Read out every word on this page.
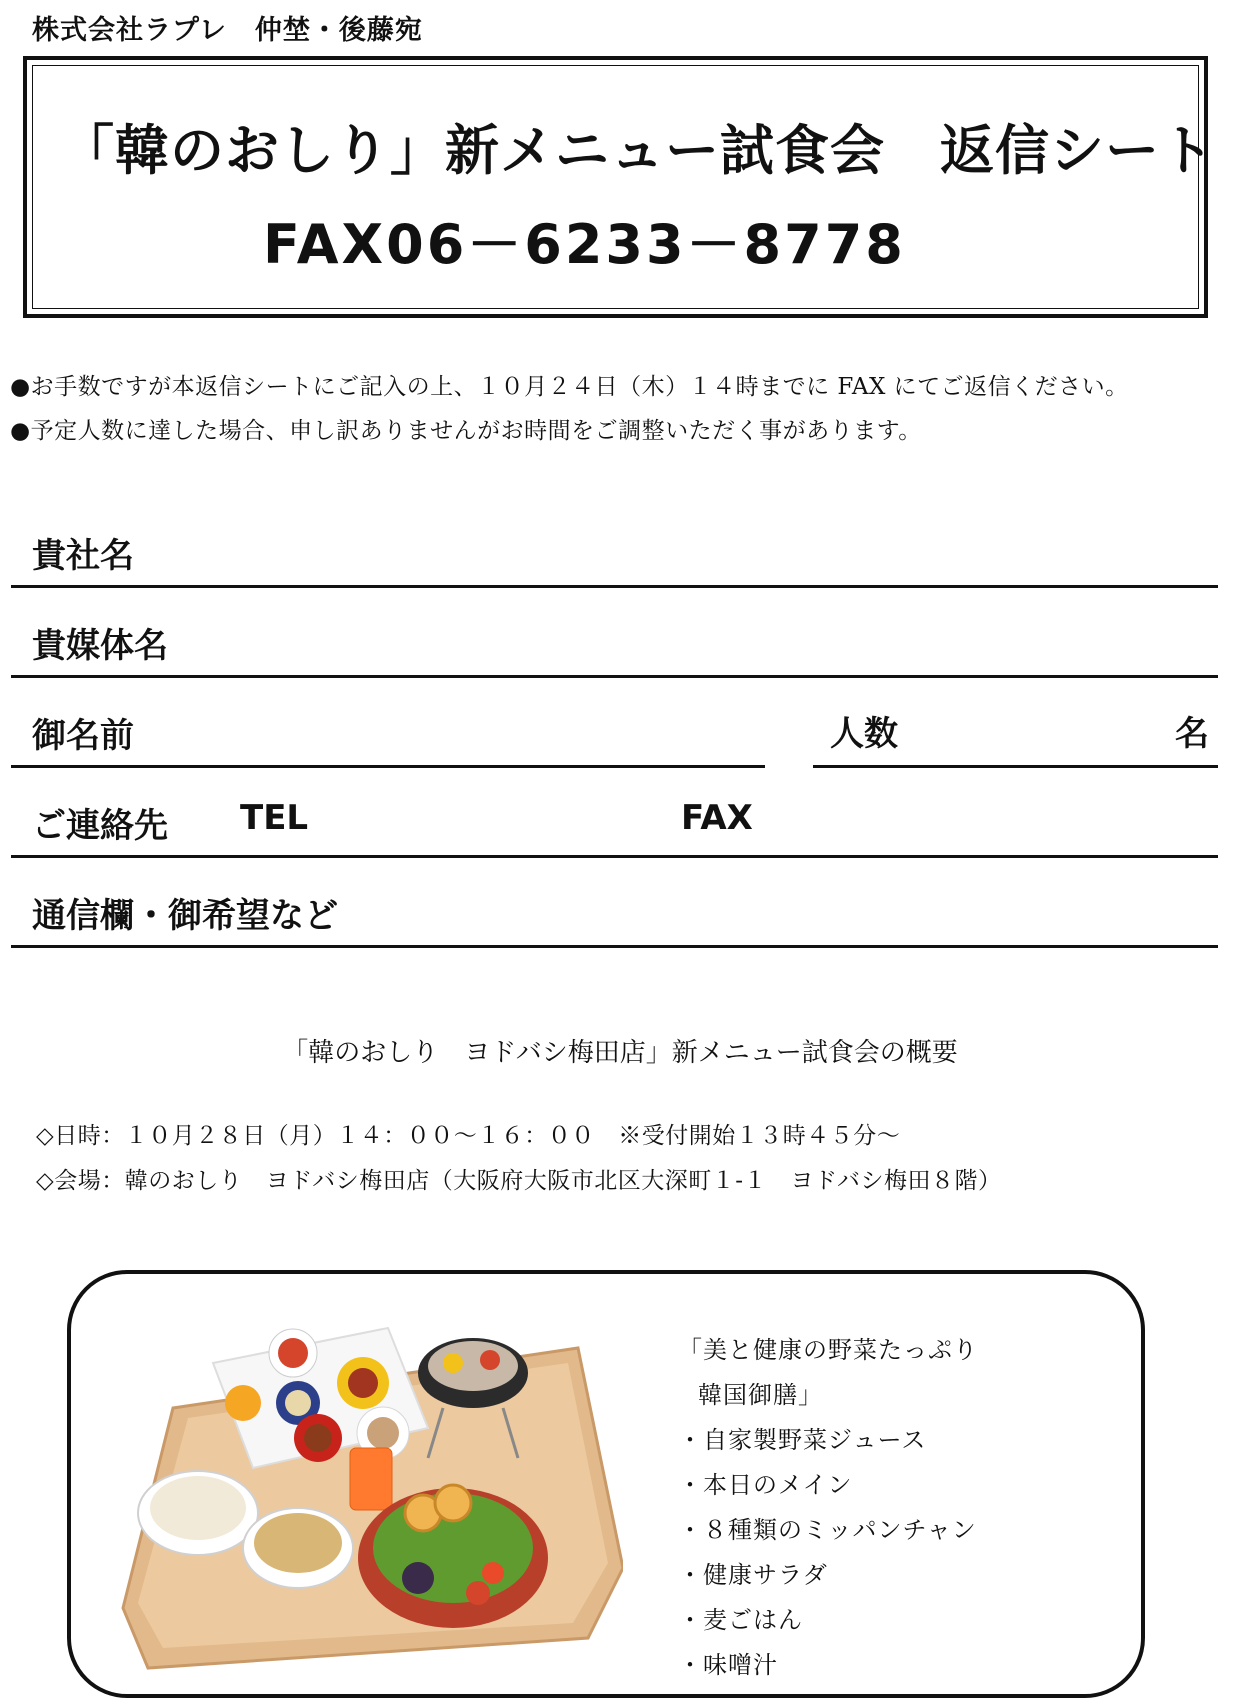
株式会社ラプレ　仲埜・後藤宛
「韓のおしり」新メニュー試食会　返信シート
FAX06－6233－8778
●お手数ですが本返信シートにご記入の上、１０月２４日（木）１４時までに FAX にてご返信ください。
●予定人数に達した場合、申し訳ありませんがお時間をご調整いただく事があります。
貴社名
貴媒体名
御名前	人数	名
ご連絡先 TEL	FAX
通信欄・御希望など
「韓のおしり　ヨドバシ梅田店」新メニュー試食会の概要
◇日時：１０月２８日（月）１４：００～１６：００　※受付開始１３時４５分～
◇会場：韓のおしり　ヨドバシ梅田店（大阪府大阪市北区大深町１-１　ヨドバシ梅田８階）
「美と健康の野菜たっぷり
韓国御膳」
・自家製野菜ジュース
・本日のメイン
・８種類のミッパンチャン
・健康サラダ
・麦ごはん
・味噌汁
